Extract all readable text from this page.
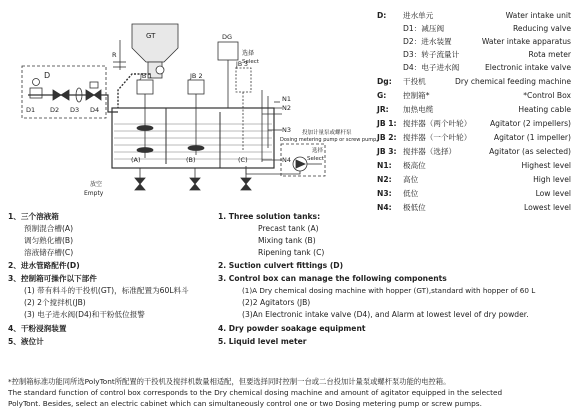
GT
D
D1 D2 D3 D4
R
JB 1	JB 2
JB 3
DG
选择
Select
N1
N2
N3
N4
(A)	(B)	(C)
放空
Empty
投加计量泵或螺杆泵
Dosing metering pump or screw pump
选择
Select
D: 进水单元	Water intake unit
D1：减压阀	Reducing valve
D2：进水装置	Water intake apparatus
D3：转子流量计	Rota meter
D4：电子进水阀	Electronic intake valve
Dg: 干投机	Dry chemical feeding machine
G: 控制箱*	*Control Box
JR: 加热电缆	Heating cable
JB 1: 搅拌器（两个叶轮） Agitator (2 impellers)
JB 2: 搅拌器（一个叶轮）	Agitator (1 impeller)
JB 3: 搅拌器（选择）	Agitator (as selected)
N1: 极高位	Highest level
N2: 高位	High level
N3: 低位	Low level
N4: 极低位	Lowest level
1、三个溶液箱	1. Three solution tanks:
预制混合槽(A)	Precast tank (A)
调匀熟化槽(B)	Mixing tank (B)
溶液储存槽(C)	Ripening tank (C)
2、进水管路配件(D)	2. Suction culvert fittings (D)
3、控制箱可操作以下部件	3. Control box can manage the following components
(1) 带有料斗的干投机(GT)，标准配置为60L料斗	(1)A Dry chemical dosing machine with hopper (GT),standard with hopper of 60 L
(2) 2个搅拌机(JB)	(2)2 Agitators (JB)
(3) 电子进水阀(D4)和干粉低位报警	(3)An Electronic intake valve (D4), and Alarm at lowest level of dry powder.
4、干粉浸润装置	4. Dry powder soakage equipment
5、液位计	5. Liquid level meter
*控制箱标准功能同所选PolyTont所配置的干投机及搅拌机数量相适配，但要选择同时控制一台或二台投加计量泵或螺杆泵功能的电控箱。
The standard function of control box corresponds to the Dry chemical dosing machine and amount of agitator equipped in the selected
PolyTont. Besides, select an electric cabinet which can simultaneously control one or two Dosing metering pump or screw pumps.
